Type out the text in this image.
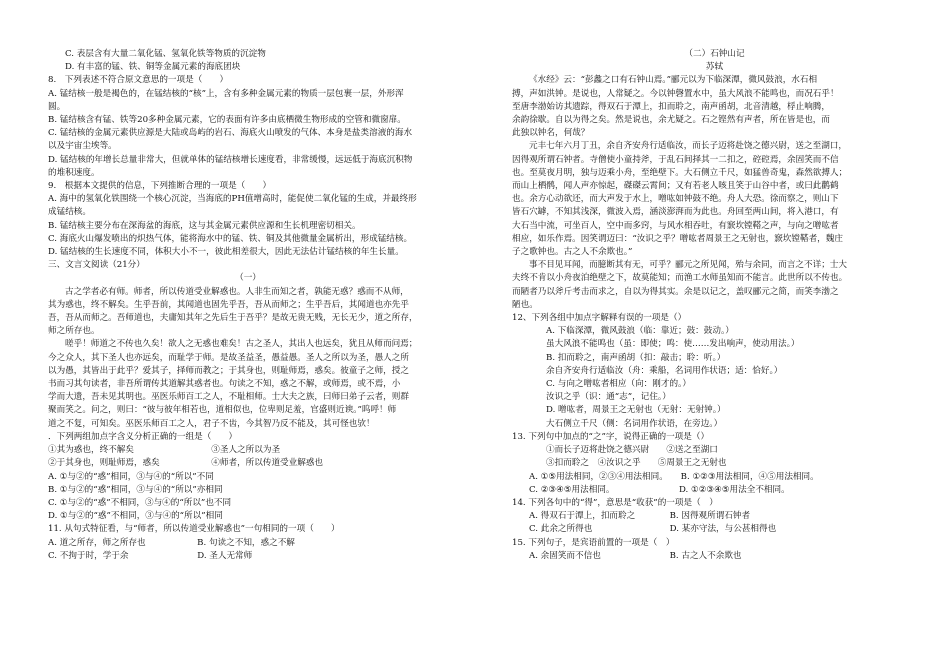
C. 表层含有大量二氧化锰、氢氧化铁等物质的沉淀物
D. 有丰富的锰、铁、铜等金属元素的海底团块
8.　下列表述不符合原文意思的一项是（　　）
A. 锰结核一般是褐色的，在锰结核的“核”上，含有多种金属元素的物质一层包裹一层，外形浑
圆。
B. 锰结核含有锰、铁等20多种金属元素，它的表面有许多由底栖微生物形成的空管和微窗扉。
C. 锰结核的金属元素供应源是大陆或岛屿的岩石、海底火山喷发的气体、本身是盐类溶液的海水
以及宇宙尘埃等。
D. 锰结核的年增长总量非常大，但就单体的锰结核增长速度看，非常缓慢，远远低于海底沉积物
的堆积速度。
9.　根据本文提供的信息，下列推断合理的一项是（　　）
A. 海中的氢氧化铁围绕一个核心沉淀，当海底的PH值增高时，能促使二氧化锰的生成，并最终形
成锰结核。
B. 锰结核主要分布在深海盆的海底，这与其金属元素供应源和生长机理密切相关。
C. 海底火山爆发喷出的炽热气体，能将海水中的锰、铁、铜及其他微量金属析出，形成锰结核。
D. 锰结核的生长速度不同，体积大小不一，彼此相差很大，因此无法估计锰结核的年生长量。
三、文言文阅读（21分）
（一）
古之学者必有师。师者，所以传道受业解惑也。人非生而知之者，孰能无惑？惑而不从师，
其为惑也，终不解矣。生乎吾前，其闻道也固先乎吾，吾从而师之；生乎吾后，其闻道也亦先乎
吾，吾从而师之。吾师道也，夫庸知其年之先后生于吾乎？是故无贵无贱，无长无少，道之所存，
师之所存也。
嗟乎！师道之不传也久矣！欲人之无惑也难矣！古之圣人，其出人也远矣，犹且从师而问焉；
今之众人，其下圣人也亦远矣，而耻学于师。是故圣益圣，愚益愚。圣人之所以为圣，愚人之所
以为愚，其皆出于此乎？爱其子，择师而教之；于其身也，则耻师焉，惑矣。彼童子之师，授之
书而习其句读者，非吾所谓传其道解其惑者也。句读之不知，惑之不解，或师焉，或不焉，小
学而大遗，吾未见其明也。巫医乐师百工之人，不耻相师。士大夫之族，曰师曰弟子云者，则群
聚而笑之。问之，则曰：“彼与彼年相若也，道相似也，位卑则足羞，官盛则近谀。”呜呼！师
道之不复，可知矣。巫医乐师百工之人，君子不齿，今其智乃反不能及，其可怪也欤！
．下列两组加点字含义分析正确的一组是（　　）
①其为惑也，终不解矣　　　　　　　　　③圣人之所以为圣
②于其身也，则耻师焉，惑矣　　　　　　④师者，所以传道受业解惑也
A. ①与②的“惑”相同，③与④的“所以”不同
B. ①与②的“惑”相同，③与④的“所以”亦相同
C. ①与②的“惑”不相同，③与④的“所以”也不同
D. ①与②的“惑”不相同，③与④的“所以”相同
11. 从句式特征看，与“师者，所以传道受业解惑也”一句相同的一项（　　）
A. 道之所存，师之所存也　　　　　　B. 句读之不知，惑之不解
C. 不拘于时，学于余　　　　　　　　D. 圣人无常师
（二）石钟山记
苏轼
《水经》云：“彭蠡之口有石钟山焉。”郦元以为下临深潭，微风鼓浪，水石相
搏，声如洪钟。是说也，人常疑之。今以钟磬置水中，虽大风浪不能鸣也，而况石乎！
至唐李渤始访其遗踪，得双石于潭上，扣而聆之，南声函胡，北音清越，桴止响腾，
余韵徐歇。自以为得之矣。然是说也，余尤疑之。石之铿然有声者，所在皆是也，而
此独以钟名，何哉？
元丰七年六月丁丑，余自齐安舟行适临汝，而长子迈将赴饶之德兴尉，送之至湖口，
因得观所谓石钟者。寺僧使小童持斧，于乱石间择其一二扣之，硿硿焉，余固笑而不信
也。至莫夜月明，独与迈乘小舟，至绝壁下。大石侧立千尺，如猛兽奇鬼，森然欲搏人；
而山上栖鹘，闻人声亦惊起，磔磔云霄间；又有若老人咳且笑于山谷中者，或曰此鹳鹤
也。余方心动欲还，而大声发于水上，噌吰如钟鼓不绝。舟人大恐。徐而察之，则山下
皆石穴罅，不知其浅深，微波入焉，涵淡澎湃而为此也。舟回至两山间，将入港口，有
大石当中流，可坐百人，空中而多窍，与风水相吞吐，有窾坎镗鞳之声，与向之噌吰者
相应，如乐作焉。因笑谓迈曰：“汝识之乎？噌吰者周景王之无射也，窾坎镗鞳者，魏庄
子之歌钟也。古之人不余欺也。”
事不目见耳闻，而臆断其有无，可乎？郦元之所见闻，殆与余同，而言之不详；士大
夫终不肯以小舟夜泊绝壁之下，故莫能知；而渔工水师虽知而不能言。此世所以不传也。
而陋者乃以斧斤考击而求之，自以为得其实。余是以记之，盖叹郦元之简，而笑李渤之
陋也。
12、下列各组中加点字解释有误的一项是（）
A. 下临深潭，微风鼓浪（临：靠近；鼓：鼓动。）
虽大风浪不能鸣也（虽：即使；鸣：使……发出响声，使动用法。）
B. 扣而聆之，南声函胡（扣：敲击；聆：听。）
余自齐安舟行适临汝（舟：乘船，名词用作状语；适：恰好。）
C. 与向之噌吰者相应（向：刚才的。）
汝识之乎（识：通“志”，记住。）
D. 噌吰者，周景王之无射也（无射：无射钟。）
大石侧立千尺（侧：名词用作状语，在旁边。）
13. 下列句中加点的“之”字，说得正确的一项是（）
①而长子迈将赴饶之德兴尉　　②送之至湖口
③扣而聆之　④汝识之乎　　⑤周景王之无射也
A. ①⑤用法相同，②③④用法相同。　　B. ①②③用法相同，④⑤用法相同。
C. ②③④⑤用法相同。　　　　　　　　D. ①②③④⑤用法全不相同。
14. 下列各句中的“得”，意思是“收获”的一项是（　）
A. 得双石于潭上，扣而聆之　　　　B. 因得观所谓石钟者
C. 此余之所得也　　　　　　　　　D. 某亦守法，与公甚相得也
15. 下列句子，是宾语前置的一项是（　）
A. 余固笑而不信也　　　　　　　　B. 古之人不余欺也
